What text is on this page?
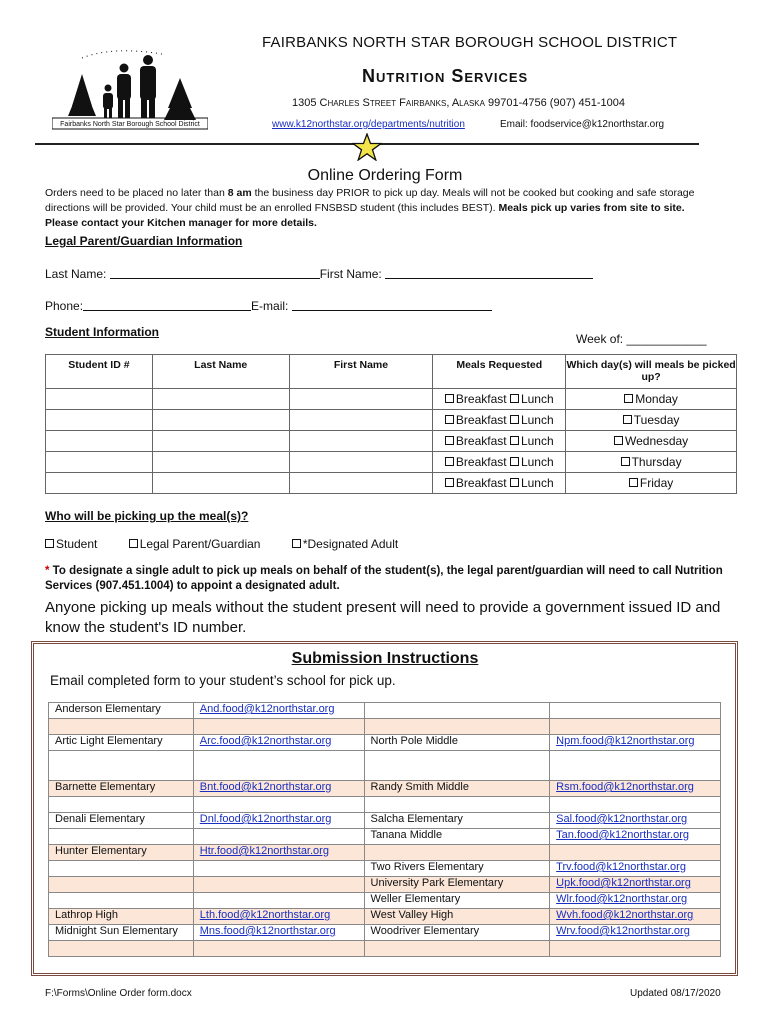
FAIRBANKS NORTH STAR BOROUGH SCHOOL DISTRICT
Nutrition Services
1305 Charles Street Fairbanks, Alaska 99701-4756 (907) 451-1004
www.k12northstar.org/departments/nutrition	Email: foodservice@k12northstar.org
Fairbanks North Star Borough School District
Online Ordering Form
Orders need to be placed no later than 8 am the business day PRIOR to pick up day. Meals will not be cooked but cooking and safe storage directions will be provided. Your child must be an enrolled FNSBSD student (this includes BEST). Meals pick up varies from site to site.
Please contact your Kitchen manager for more details.
Legal Parent/Guardian Information
Last Name:	First Name:
Phone:	E-mail:
Student Information	Week of: ____________
Student ID #	Last Name	First Name	Meals Requested	Which day(s) will meals be picked up?
			Breakfast Lunch	Monday
			Breakfast Lunch	Tuesday
			Breakfast Lunch	Wednesday
			Breakfast Lunch	Thursday
			Breakfast Lunch	Friday
Who will be picking up the meal(s)?
Student	Legal Parent/Guardian	*Designated Adult
* To designate a single adult to pick up meals on behalf of the student(s), the legal parent/guardian will need to call Nutrition Services (907.451.1004) to appoint a designated adult.
Anyone picking up meals without the student present will need to provide a government issued ID and know the student's ID number.
Submission Instructions
Email completed form to your student’s school for pick up.
Anderson Elementary	And.food@k12northstar.org		

Artic Light Elementary	Arc.food@k12northstar.org	North Pole Middle	Npm.food@k12northstar.org

Barnette Elementary	Bnt.food@k12northstar.org	Randy Smith Middle	Rsm.food@k12northstar.org

Denali Elementary	Dnl.food@k12northstar.org	Salcha Elementary	Sal.food@k12northstar.org
		Tanana Middle	Tan.food@k12northstar.org
Hunter Elementary	Htr.food@k12northstar.org		
		Two Rivers Elementary	Trv.food@k12northstar.org
		University Park Elementary	Upk.food@k12northstar.org
		Weller Elementary	Wlr.food@k12northstar.org
Lathrop High	Lth.food@k12northstar.org	West Valley High	Wvh.food@k12northstar.org
Midnight Sun Elementary	Mns.food@k12northstar.org	Woodriver Elementary	Wrv.food@k12northstar.org

F:\Forms\Online Order form.docx	Updated 08/17/2020
